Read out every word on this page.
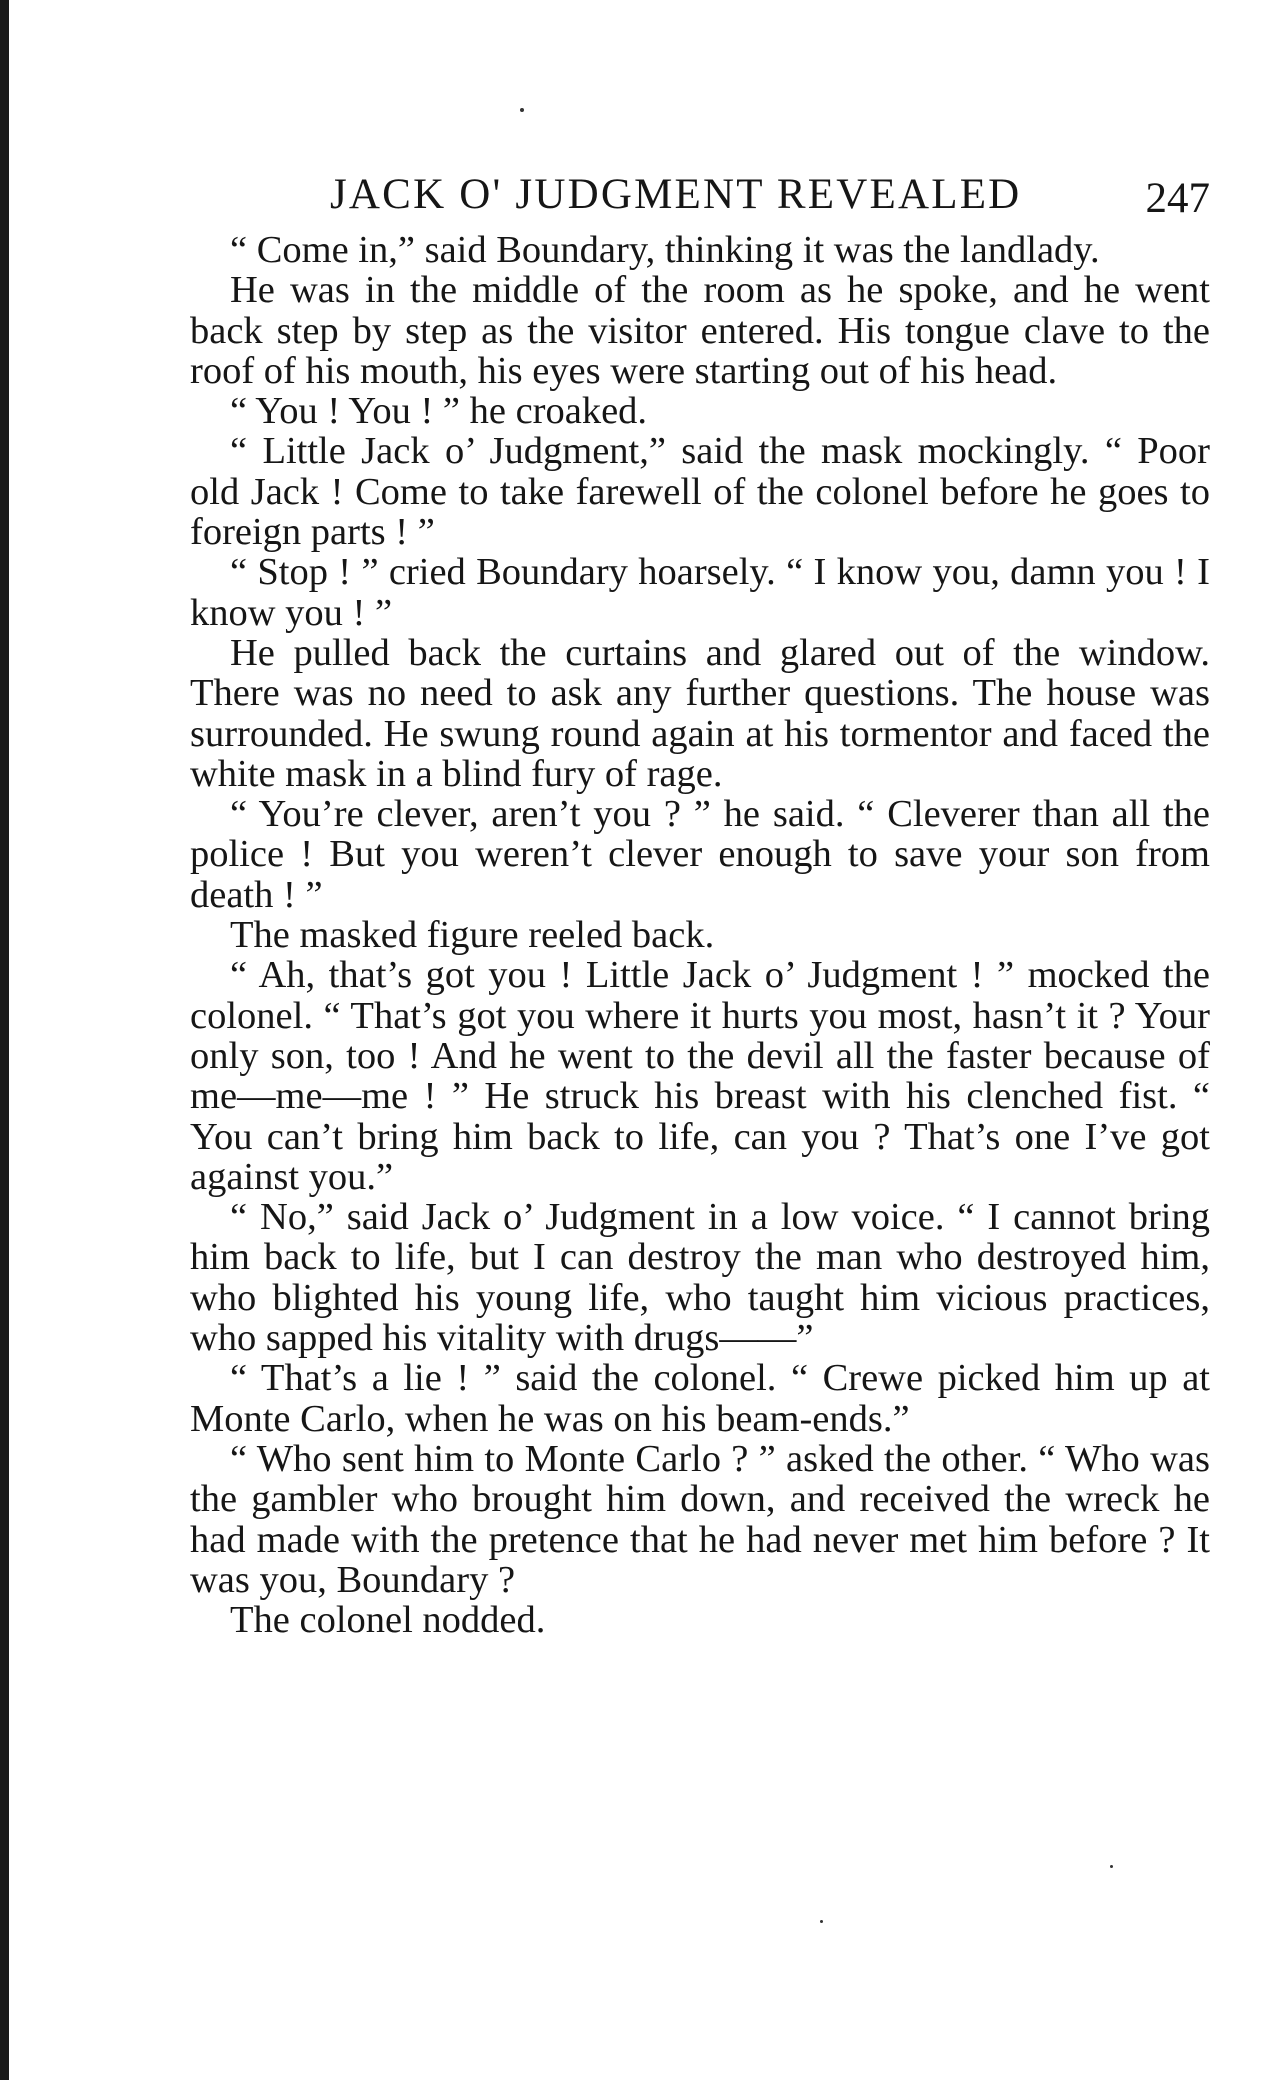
JACK O' JUDGMENT REVEALED	247

“ Come in,” said Boundary, thinking it was the landlady.

He was in the middle of the room as he spoke, and he went back step by step as the visitor entered. His tongue clave to the roof of his mouth, his eyes were starting out of his head.

“ You ! You ! ” he croaked.

“ Little Jack o’ Judgment,” said the mask mockingly. “ Poor old Jack ! Come to take farewell of the colonel before he goes to foreign parts ! ”

“ Stop ! ” cried Boundary hoarsely. “ I know you, damn you ! I know you ! ”

He pulled back the curtains and glared out of the window. There was no need to ask any further questions. The house was surrounded. He swung round again at his tormentor and faced the white mask in a blind fury of rage.

“ You’re clever, aren’t you ? ” he said. “ Cleverer than all the police ! But you weren’t clever enough to save your son from death ! ”

The masked figure reeled back.

“ Ah, that’s got you ! Little Jack o’ Judgment ! ” mocked the colonel. “ That’s got you where it hurts you most, hasn’t it ? Your only son, too ! And he went to the devil all the faster because of me—me—me ! ” He struck his breast with his clenched fist. “ You can’t bring him back to life, can you ? That’s one I’ve got against you.”

“ No,” said Jack o’ Judgment in a low voice. “ I cannot bring him back to life, but I can destroy the man who destroyed him, who blighted his young life, who taught him vicious practices, who sapped his vitality with drugs——”

“ That’s a lie ! ” said the colonel. “ Crewe picked him up at Monte Carlo, when he was on his beam-ends.”

“ Who sent him to Monte Carlo ? ” asked the other. “ Who was the gambler who brought him down, and received the wreck he had made with the pretence that he had never met him before ? It was you, Boundary ?

The colonel nodded.
